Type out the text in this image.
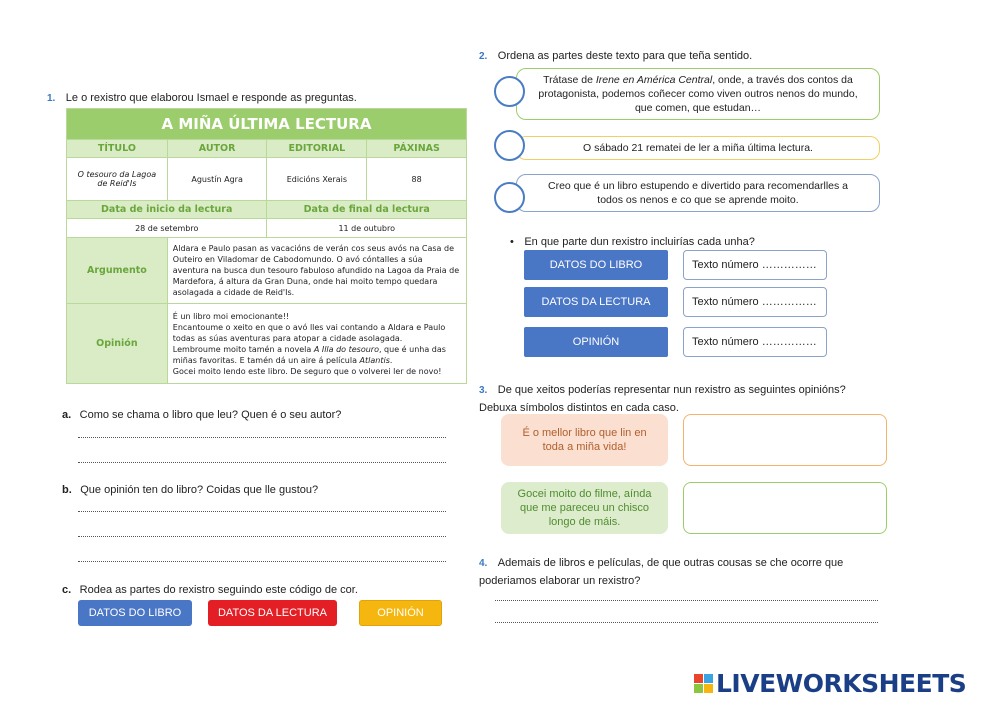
1. Le o rexistro que elaborou Ismael e responde as preguntas.
A MIÑA ÚLTIMA LECTURA			
TÍTULO	AUTOR	EDITORIAL	PÁXINAS

O tesouro da Lagoa
de Reid'Is	Agustín Agra	Edicións Xerais	88
Data de inicio da lectura		Data de final da lectura	
28 de setembro		11 de outubro	
Argumento	Aldara e Paulo pasan as vacacións de verán cos seus avós na Casa de Outeiro en Viladomar de Cabodomundo. O avó cóntalles a súa aventura na busca dun tesouro fabuloso afundido na Lagoa da Praia de Mardefora, á altura da Gran Duna, onde hai moito tempo quedara asolagada a cidade de Reid'Is.		
Opinión	É un libro moi emocionante!!
Encantoume o xeito en que o avó lles vai contando a Aldara e Paulo todas as súas aventuras para atopar a cidade asolagada.
Lembroume moito tamén a novela A Illa do tesouro, que é unha das miñas favoritas. E tamén dá un aire á película Atlantis.
Gocei moito lendo este libro. De seguro que o volverei ler de novo!		
a. Como se chama o libro que leu? Quen é o seu autor?
b. Que opinión ten do libro? Coidas que lle gustou?
c. Rodea as partes do rexistro seguindo este código de cor.
DATOS DO LIBRO	DATOS DA LECTURA	OPINIÓN
2. Ordena as partes deste texto para que teña sentido.
Trátase de Irene en América Central, onde, a través dos contos da protagonista, podemos coñecer como viven outros nenos do mundo, que comen, que estudan…
O sábado 21 rematei de ler a miña última lectura.
Creo que é un libro estupendo e divertido para recomendarlles a todos os nenos e co que se aprende moito.
• En que parte dun rexistro incluirías cada unha?
DATOS DO LIBRO	Texto número ……………
DATOS DA LECTURA	Texto número ……………
OPINIÓN	Texto número ……………
3. De que xeitos poderías representar nun rexistro as seguintes opinións? Debuxa símbolos distintos en cada caso.
É o mellor libro que lin en toda a miña vida!
Gocei moito do filme, aínda que me pareceu un chisco longo de máis.
4. Ademais de libros e películas, de que outras cousas se che ocorre que poderiamos elaborar un rexistro?
LIVEWORKSHEETS
